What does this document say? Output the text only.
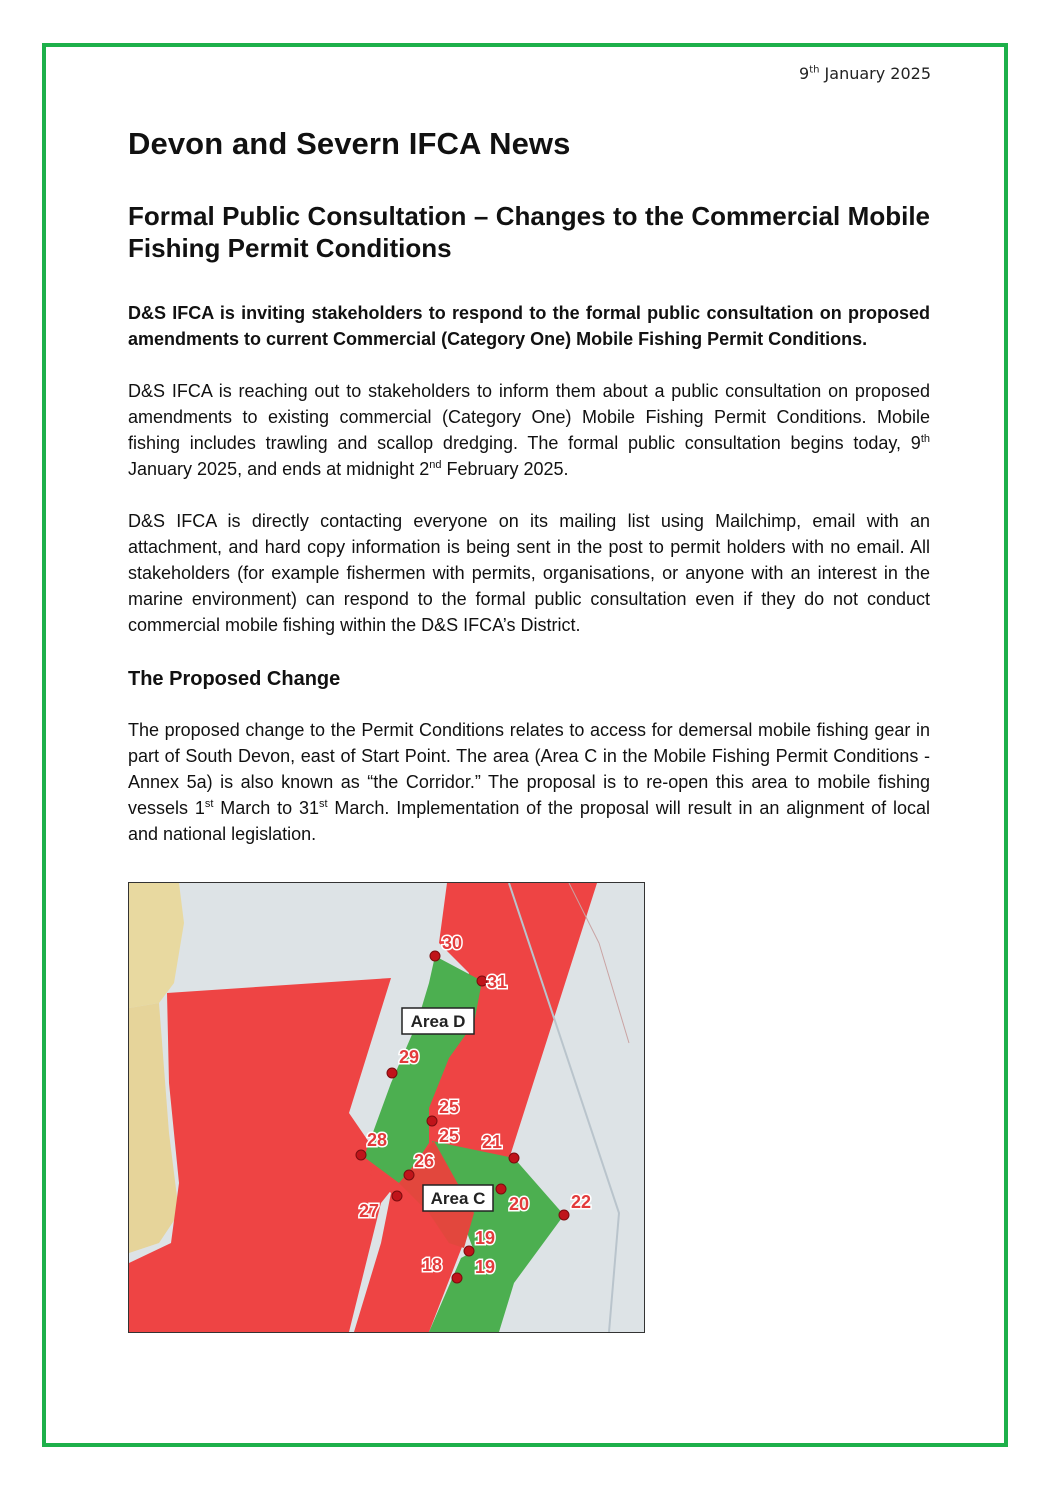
9th January 2025
Devon and Severn IFCA News
Formal Public Consultation – Changes to the Commercial Mobile Fishing Permit Conditions

D&S IFCA is inviting stakeholders to respond to the formal public consultation on proposed amendments to current Commercial (Category One) Mobile Fishing Permit Conditions.

D&S IFCA is reaching out to stakeholders to inform them about a public consultation on proposed amendments to existing commercial (Category One) Mobile Fishing Permit Conditions. Mobile fishing includes trawling and scallop dredging. The formal public consultation begins today, 9th January 2025, and ends at midnight 2nd February 2025.

D&S IFCA is directly contacting everyone on its mailing list using Mailchimp, email with an attachment, and hard copy information is being sent in the post to permit holders with no email. All stakeholders (for example fishermen with permits, organisations, or anyone with an interest in the marine environment) can respond to the formal public consultation even if they do not conduct commercial mobile fishing within the D&S IFCA’s District.

The Proposed Change

The proposed change to the Permit Conditions relates to access for demersal mobile fishing gear in part of South Devon, east of Start Point. The area (Area C in the Mobile Fishing Permit Conditions - Annex 5a) is also known as “the Corridor.” The proposal is to re-open this area to mobile fishing vessels 1st March to 31st March. Implementation of the proposal will result in an alignment of local and national legislation.

Area D
Area C
30
31
29
25
25 21
28
26
20 22
27
19
18 19
